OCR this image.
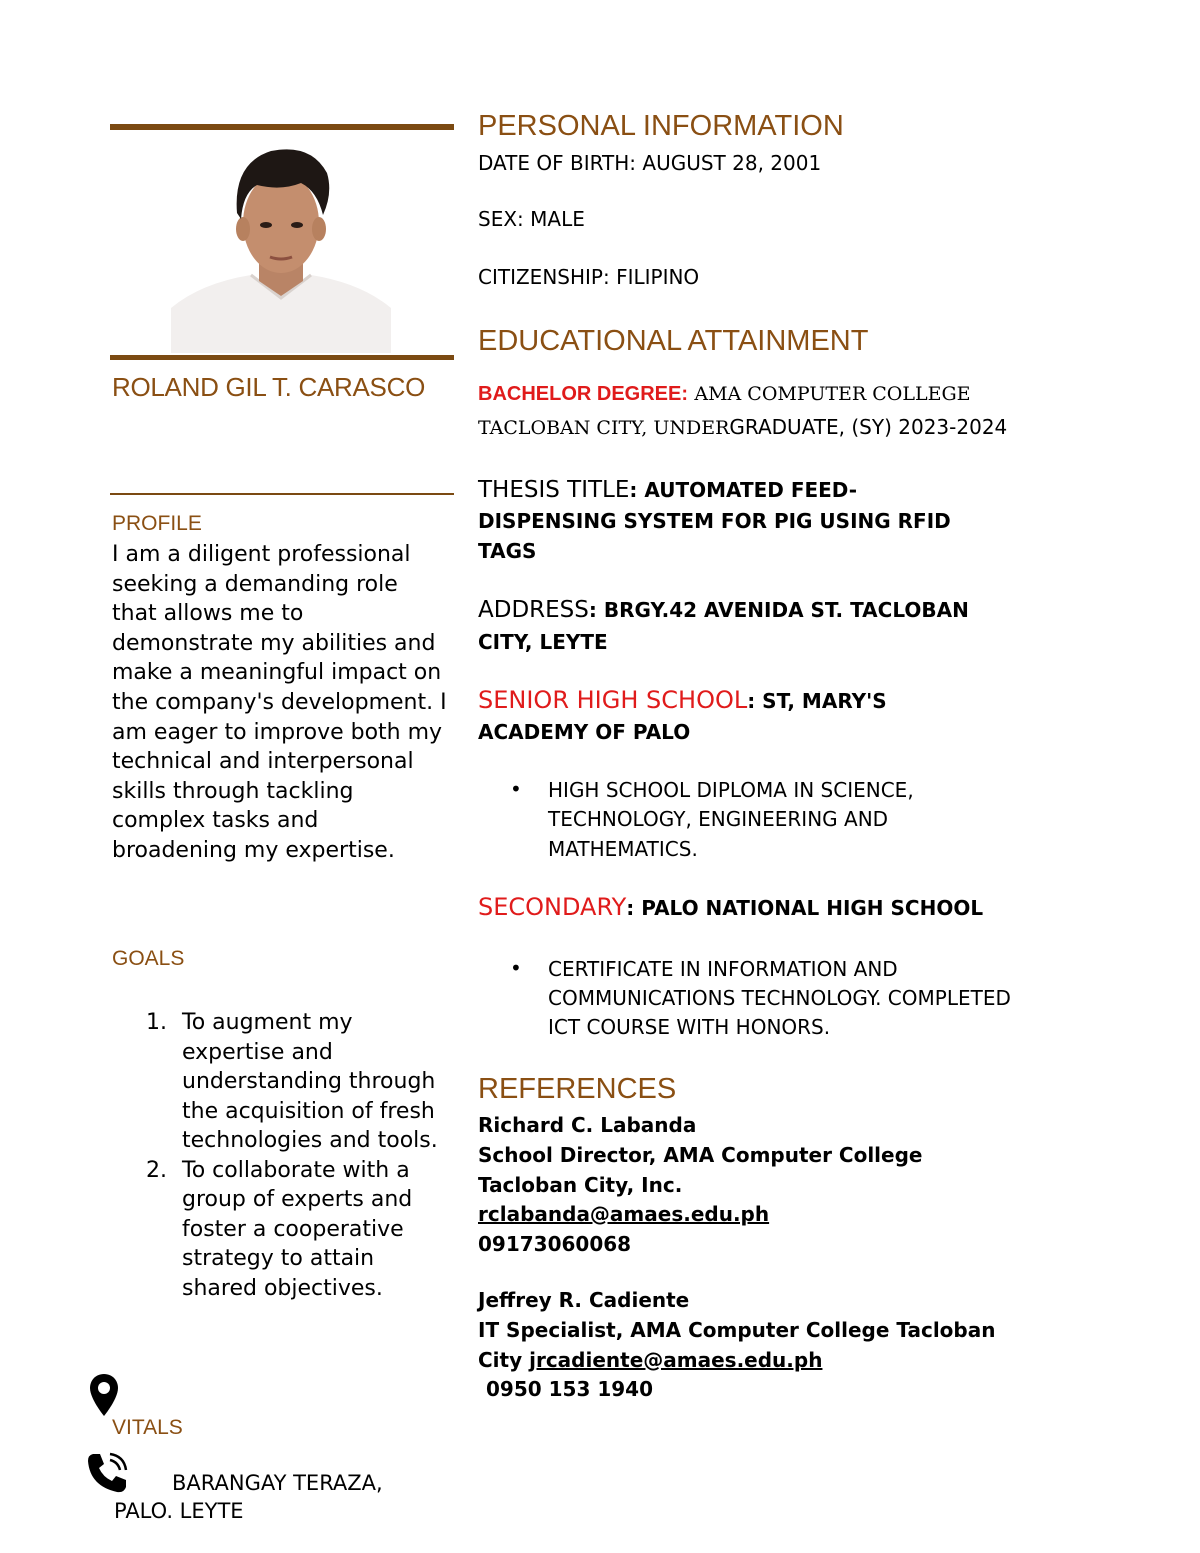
ROLAND GIL T. CARASCO
PROFILE
I am a diligent professional seeking a demanding role that allows me to demonstrate my abilities and make a meaningful impact on the company's development. I am eager to improve both my technical and interpersonal skills through tackling complex tasks and broadening my expertise.
GOALS
1. To augment my expertise and understanding through the acquisition of fresh technologies and tools.
2. To collaborate with a group of experts and foster a cooperative strategy to attain shared objectives.
VITALS
BARANGAY TERAZA,
PALO. LEYTE
PERSONAL INFORMATION
DATE OF BIRTH: AUGUST 28, 2001
SEX: MALE
CITIZENSHIP: FILIPINO
EDUCATIONAL ATTAINMENT
BACHELOR DEGREE: AMA COMPUTER COLLEGE
TACLOBAN CITY, UNDERGRADUATE, (SY) 2023-2024
THESIS TITLE: AUTOMATED FEED-
DISPENSING SYSTEM FOR PIG USING RFID
TAGS
ADDRESS: BRGY.42 AVENIDA ST. TACLOBAN
CITY, LEYTE
SENIOR HIGH SCHOOL: ST, MARY'S
ACADEMY OF PALO
• HIGH SCHOOL DIPLOMA IN SCIENCE,
TECHNOLOGY, ENGINEERING AND
MATHEMATICS.
SECONDARY: PALO NATIONAL HIGH SCHOOL
• CERTIFICATE IN INFORMATION AND
COMMUNICATIONS TECHNOLOGY. COMPLETED
ICT COURSE WITH HONORS.
REFERENCES
Richard C. Labanda
School Director, AMA Computer College
Tacloban City, Inc.
rclabanda@amaes.edu.ph
09173060068
Jeffrey R. Cadiente
IT Specialist, AMA Computer College Tacloban
City jrcadiente@amaes.edu.ph
0950 153 1940
